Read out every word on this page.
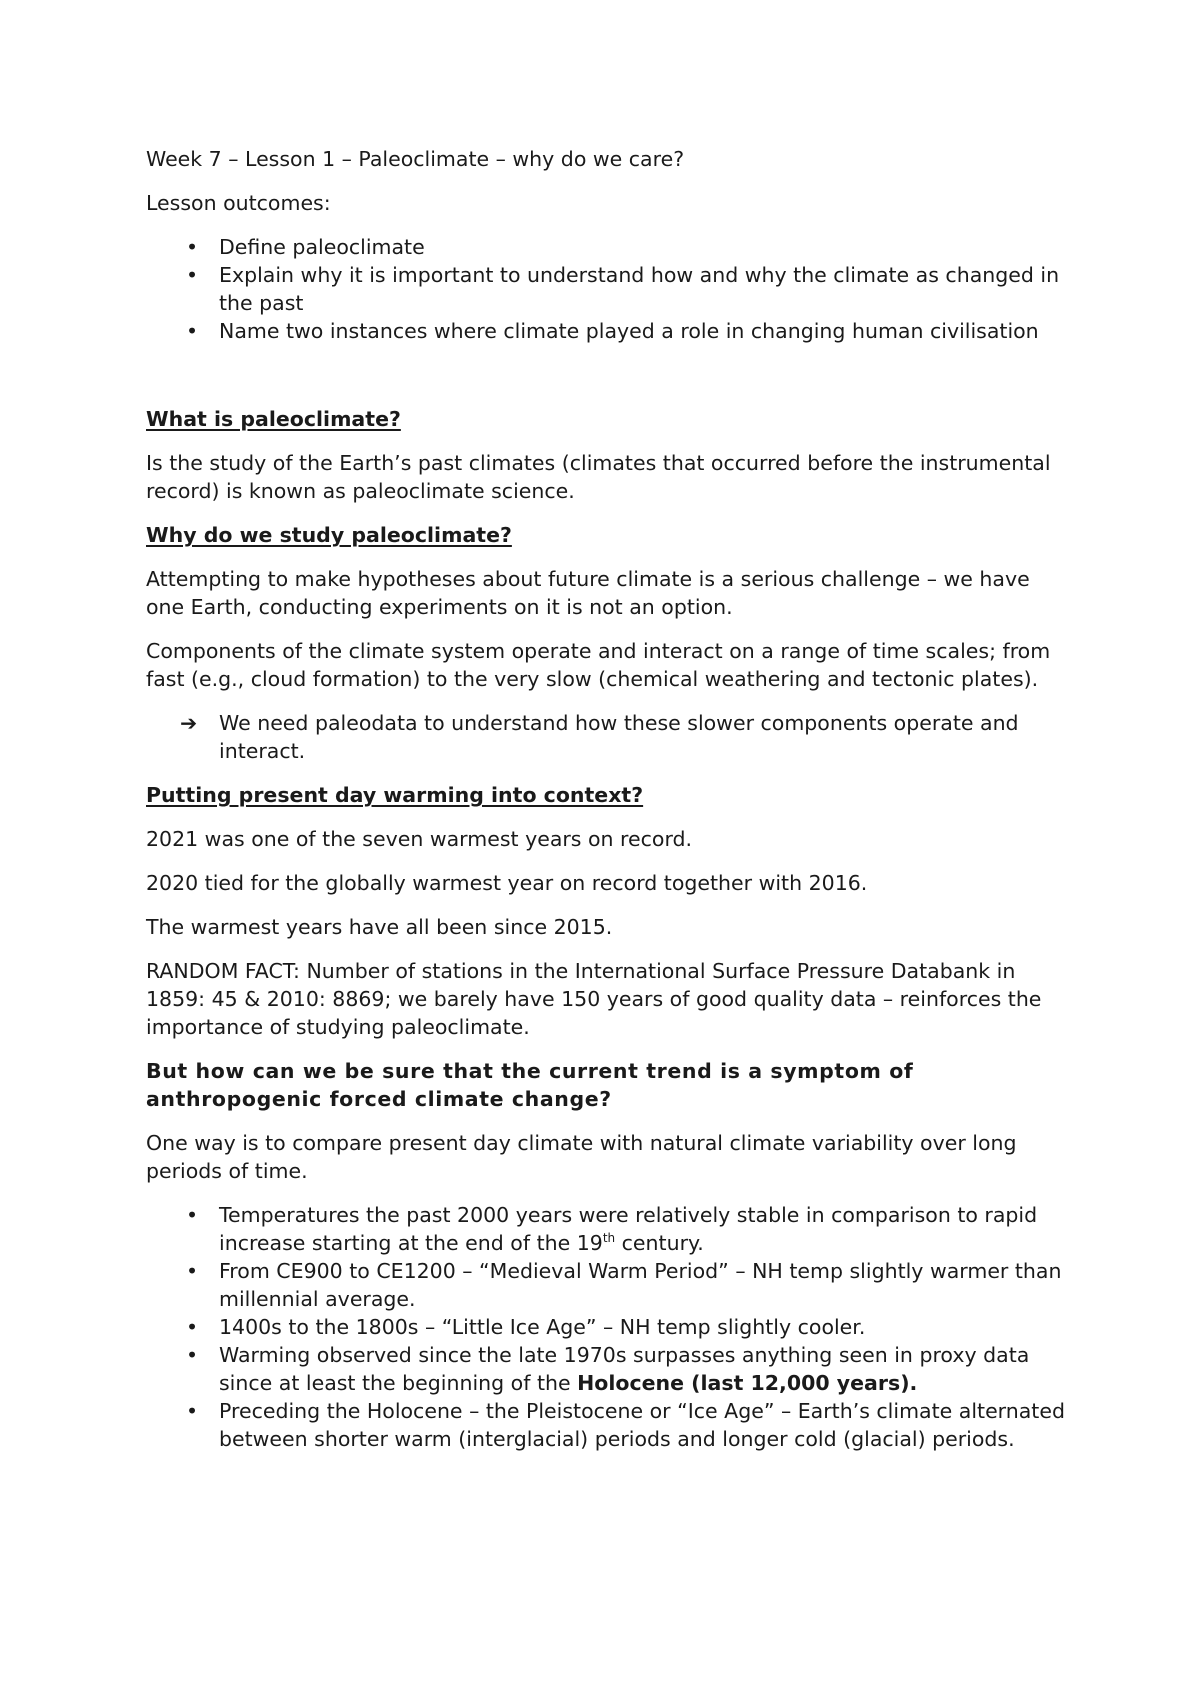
Week 7 – Lesson 1 – Paleoclimate – why do we care?

Lesson outcomes:

• Define paleoclimate
• Explain why it is important to understand how and why the climate as changed in the past
• Name two instances where climate played a role in changing human civilisation

What is paleoclimate?

Is the study of the Earth’s past climates (climates that occurred before the instrumental record) is known as paleoclimate science.

Why do we study paleoclimate?

Attempting to make hypotheses about future climate is a serious challenge – we have one Earth, conducting experiments on it is not an option.

Components of the climate system operate and interact on a range of time scales; from fast (e.g., cloud formation) to the very slow (chemical weathering and tectonic plates).

➔ We need paleodata to understand how these slower components operate and interact.

Putting present day warming into context?

2021 was one of the seven warmest years on record.

2020 tied for the globally warmest year on record together with 2016.

The warmest years have all been since 2015.

RANDOM FACT: Number of stations in the International Surface Pressure Databank in 1859: 45 & 2010: 8869; we barely have 150 years of good quality data – reinforces the importance of studying paleoclimate.

But how can we be sure that the current trend is a symptom of anthropogenic forced climate change?

One way is to compare present day climate with natural climate variability over long periods of time.

• Temperatures the past 2000 years were relatively stable in comparison to rapid increase starting at the end of the 19th century.
• From CE900 to CE1200 – “Medieval Warm Period” – NH temp slightly warmer than millennial average.
• 1400s to the 1800s – “Little Ice Age” – NH temp slightly cooler.
• Warming observed since the late 1970s surpasses anything seen in proxy data since at least the beginning of the Holocene (last 12,000 years).
• Preceding the Holocene – the Pleistocene or “Ice Age” – Earth’s climate alternated between shorter warm (interglacial) periods and longer cold (glacial) periods.
